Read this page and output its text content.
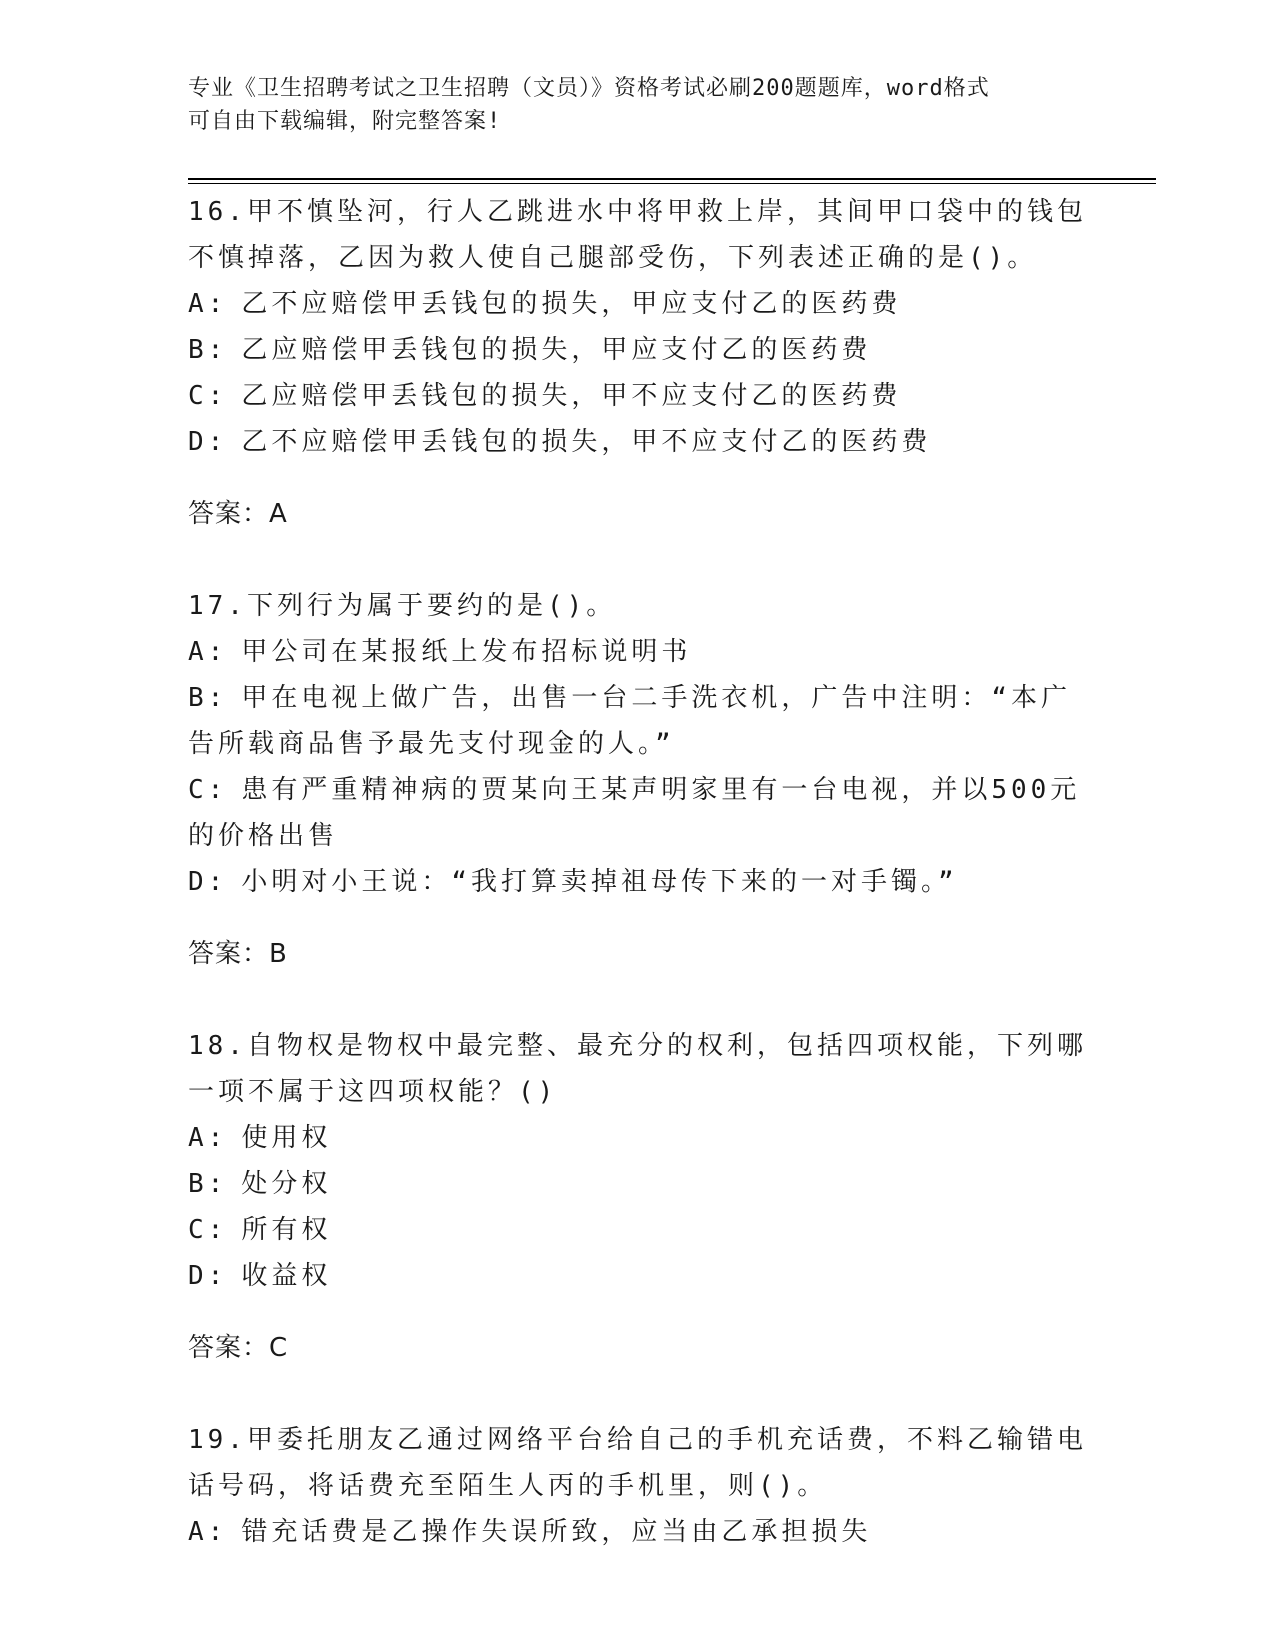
专业《卫生招聘考试之卫生招聘（文员）》资格考试必刷200题题库，word格式
可自由下载编辑，附完整答案!

16.甲不慎坠河，行人乙跳进水中将甲救上岸，其间甲口袋中的钱包不慎掉落，乙因为救人使自己腿部受伤，下列表述正确的是()。

A: 乙不应赔偿甲丢钱包的损失，甲应支付乙的医药费

B: 乙应赔偿甲丢钱包的损失，甲应支付乙的医药费

C: 乙应赔偿甲丢钱包的损失，甲不应支付乙的医药费

D: 乙不应赔偿甲丢钱包的损失，甲不应支付乙的医药费

答案：A

17.下列行为属于要约的是()。

A: 甲公司在某报纸上发布招标说明书

B: 甲在电视上做广告，出售一台二手洗衣机，广告中注明：“本广告所载商品售予最先支付现金的人。”

C: 患有严重精神病的贾某向王某声明家里有一台电视，并以500元的价格出售

D: 小明对小王说：“我打算卖掉祖母传下来的一对手镯。”

答案：B

18.自物权是物权中最完整、最充分的权利，包括四项权能，下列哪一项不属于这四项权能？()

A: 使用权

B: 处分权

C: 所有权

D: 收益权

答案：C

19.甲委托朋友乙通过网络平台给自己的手机充话费，不料乙输错电话号码，将话费充至陌生人丙的手机里，则()。

A: 错充话费是乙操作失误所致，应当由乙承担损失
